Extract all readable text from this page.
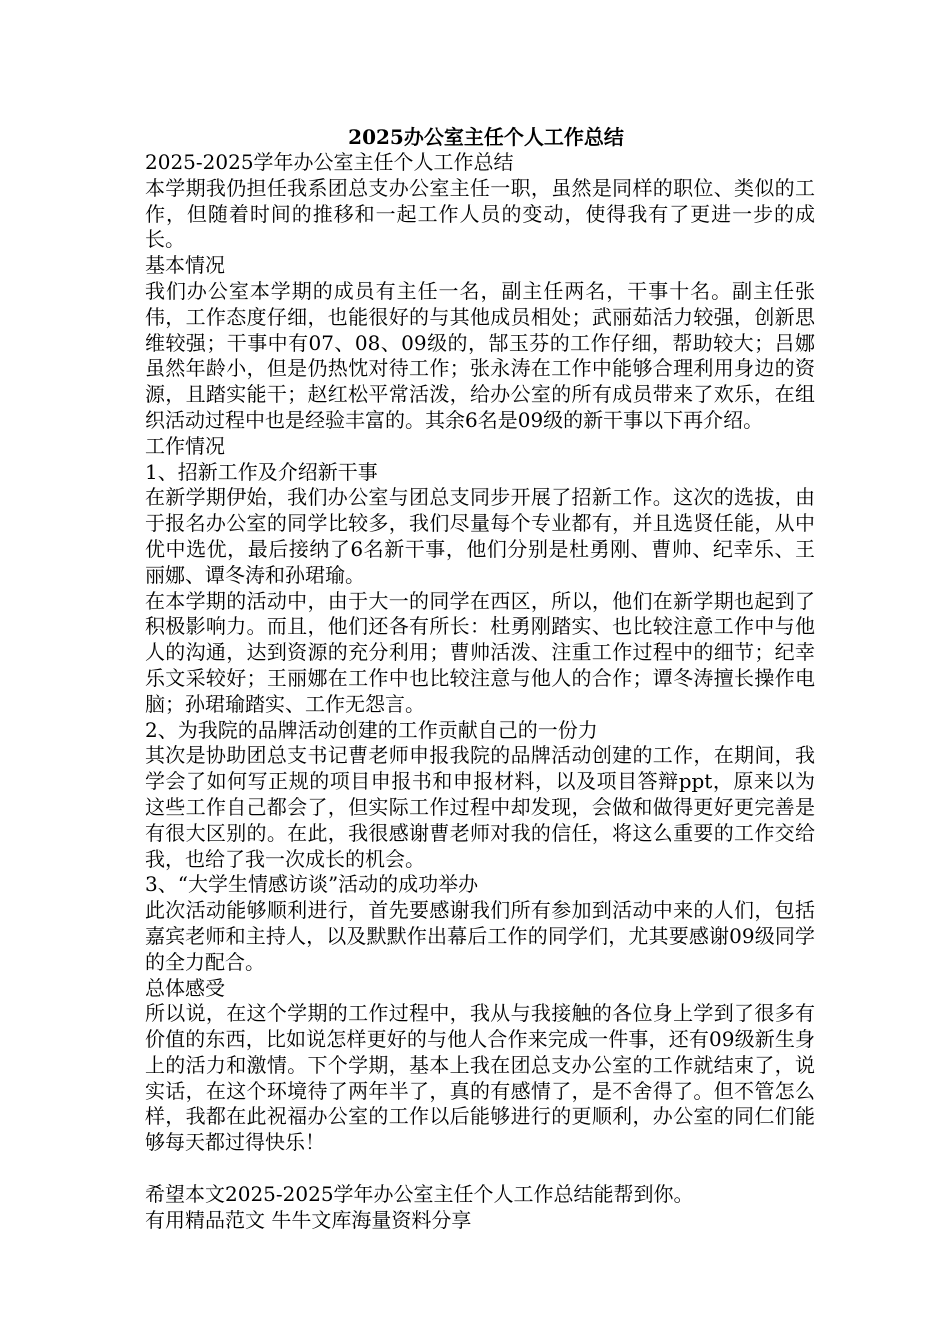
2025办公室主任个人工作总结
2025-2025学年办公室主任个人工作总结
本学期我仍担任我系团总支办公室主任一职，虽然是同样的职位、类似的工作，但随着时间的推移和一起工作人员的变动，使得我有了更进一步的成长。
基本情况
我们办公室本学期的成员有主任一名，副主任两名，干事十名。副主任张伟，工作态度仔细，也能很好的与其他成员相处；武丽茹活力较强，创新思维较强；干事中有07、08、09级的，郜玉芬的工作仔细，帮助较大；吕娜虽然年龄小，但是仍热忱对待工作；张永涛在工作中能够合理利用身边的资源，且踏实能干；赵红松平常活泼，给办公室的所有成员带来了欢乐，在组织活动过程中也是经验丰富的。其余6名是09级的新干事以下再介绍。
工作情况
1、招新工作及介绍新干事
在新学期伊始，我们办公室与团总支同步开展了招新工作。这次的选拔，由于报名办公室的同学比较多，我们尽量每个专业都有，并且选贤任能，从中优中选优，最后接纳了6名新干事，他们分别是杜勇刚、曹帅、纪幸乐、王丽娜、谭冬涛和孙珺瑜。
在本学期的活动中，由于大一的同学在西区，所以，他们在新学期也起到了积极影响力。而且，他们还各有所长：杜勇刚踏实、也比较注意工作中与他人的沟通，达到资源的充分利用；曹帅活泼、注重工作过程中的细节；纪幸乐文采较好；王丽娜在工作中也比较注意与他人的合作；谭冬涛擅长操作电脑；孙珺瑜踏实、工作无怨言。
2、为我院的品牌活动创建的工作贡献自己的一份力
其次是协助团总支书记曹老师申报我院的品牌活动创建的工作，在期间，我学会了如何写正规的项目申报书和申报材料，以及项目答辩ppt，原来以为这些工作自己都会了，但实际工作过程中却发现，会做和做得更好更完善是有很大区别的。在此，我很感谢曹老师对我的信任，将这么重要的工作交给我，也给了我一次成长的机会。
3、“大学生情感访谈”活动的成功举办
此次活动能够顺利进行，首先要感谢我们所有参加到活动中来的人们，包括嘉宾老师和主持人，以及默默作出幕后工作的同学们，尤其要感谢09级同学的全力配合。
总体感受
所以说，在这个学期的工作过程中，我从与我接触的各位身上学到了很多有价值的东西，比如说怎样更好的与他人合作来完成一件事，还有09级新生身上的活力和激情。下个学期，基本上我在团总支办公室的工作就结束了，说实话，在这个环境待了两年半了，真的有感情了，是不舍得了。但不管怎么样，我都在此祝福办公室的工作以后能够进行的更顺利，办公室的同仁们能够每天都过得快乐！
希望本文2025-2025学年办公室主任个人工作总结能帮到你。
有用精品范文 牛牛文库海量资料分享
